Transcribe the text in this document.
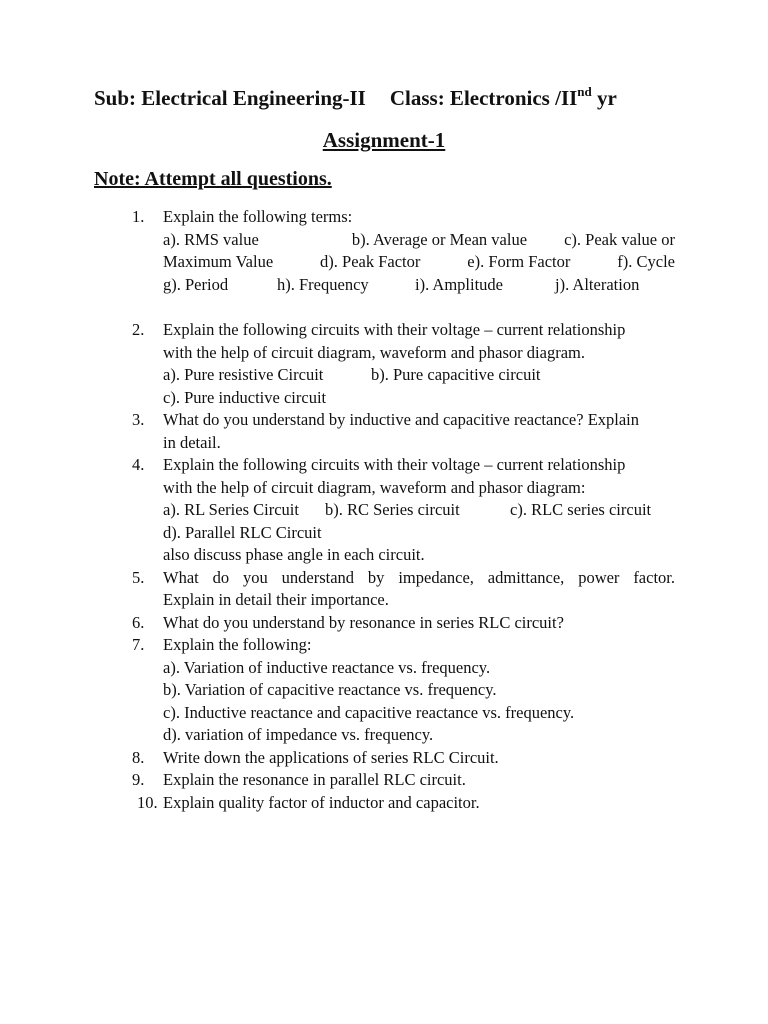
Sub: Electrical Engineering-II Class: Electronics /IInd yr
Assignment-1
Note: Attempt all questions.
1.	Explain the following terms:
a). RMS value	b). Average or Mean value c). Peak value or
Maximum Value	d). Peak Factor	e). Form Factor	f). Cycle
g). Period	h). Frequency	i). Amplitude	j). Alteration
2.	Explain the following circuits with their voltage – current relationship
with the help of circuit diagram, waveform and phasor diagram.
a). Pure resistive Circuit	b). Pure capacitive circuit
c). Pure inductive circuit
3.	What do you understand by inductive and capacitive reactance? Explain
in detail.
4.	Explain the following circuits with their voltage – current relationship
with the help of circuit diagram, waveform and phasor diagram:
a). RL Series Circuit	b). RC Series circuit	c). RLC series circuit
d). Parallel RLC Circuit
also discuss phase angle in each circuit.
5.	What do you understand by impedance, admittance, power factor.
Explain in detail their importance.
6.	What do you understand by resonance in series RLC circuit?
7.	Explain the following:
a). Variation of inductive reactance vs. frequency.
b). Variation of capacitive reactance vs. frequency.
c). Inductive reactance and capacitive reactance vs. frequency.
d). variation of impedance vs. frequency.
8.	Write down the applications of series RLC Circuit.
9.	Explain the resonance in parallel RLC circuit.
10. Explain quality factor of inductor and capacitor.
